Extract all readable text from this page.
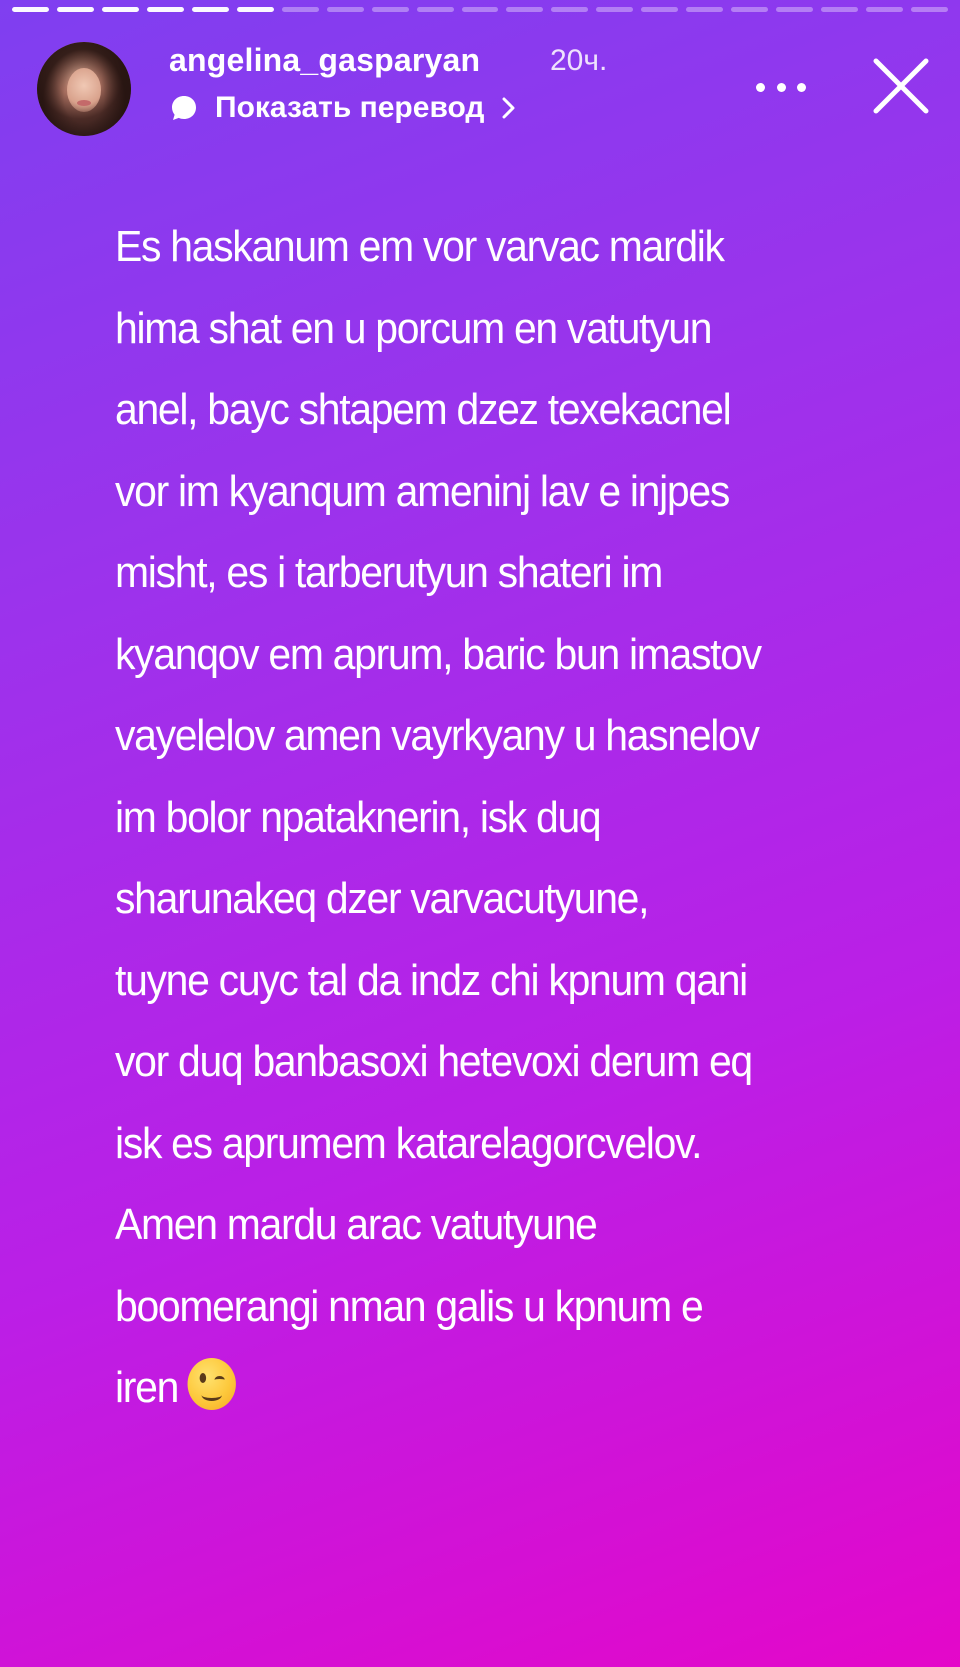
angelina_gasparyan 20ч.
Показать перевод
Es haskanum em vor varvac mardik
hima shat en u porcum en vatutyun
anel, bayc shtapem dzez texekacnel
vor im kyanqum ameninj lav e injpes
misht, es i tarberutyun shateri im
kyanqov em aprum, baric bun imastov
vayelelov amen vayrkyany u hasnelov
im bolor npataknerin, isk duq
sharunakeq dzer varvacutyune,
tuyne cuyc tal da indz chi kpnum qani
vor duq banbasoxi hetevoxi derum eq
isk es aprumem katarelagorcvelov.
Amen mardu arac vatutyune
boomerangi nman galis u kpnum e
iren
